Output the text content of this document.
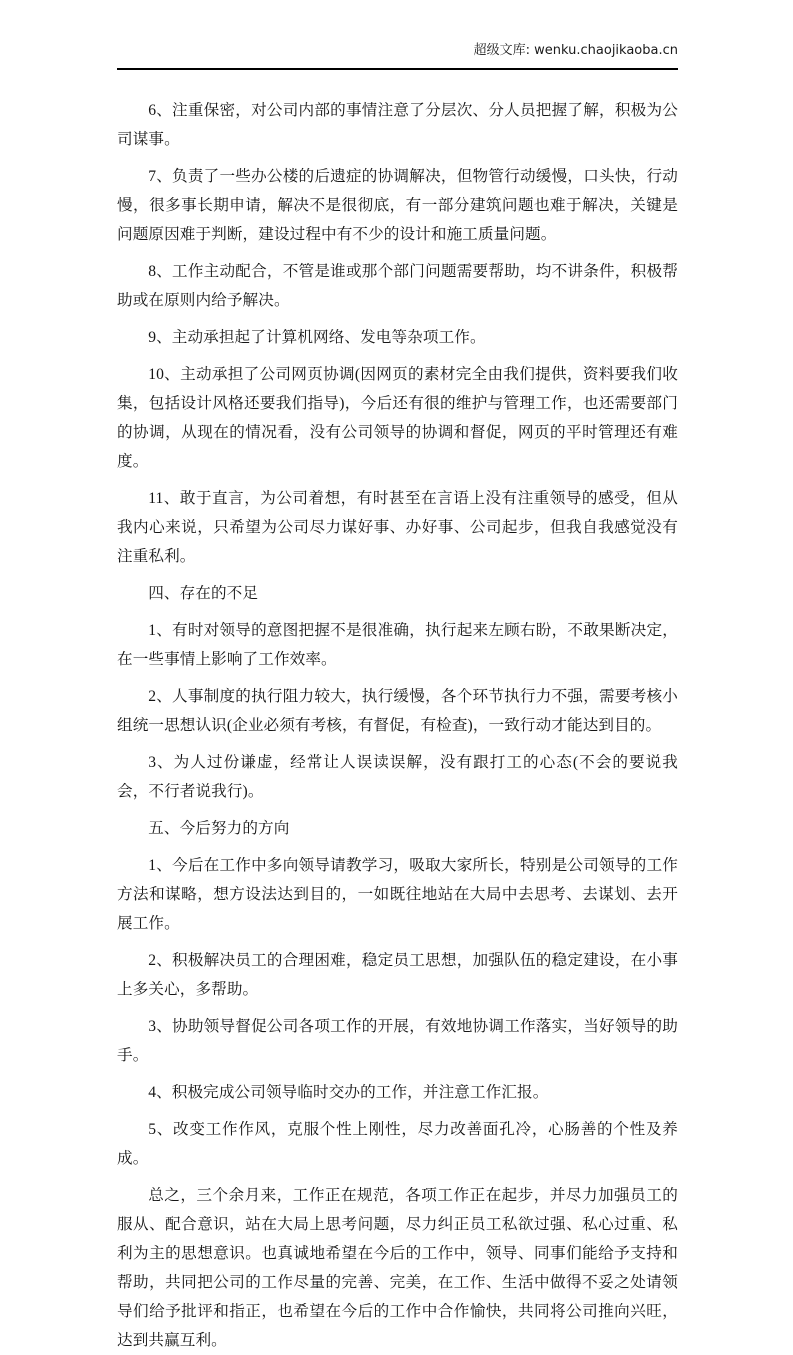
超级文库: wenku.chaojikaoba.cn

6、注重保密，对公司内部的事情注意了分层次、分人员把握了解，积极为公司谋事。

7、负责了一些办公楼的后遗症的协调解决，但物管行动缓慢，口头快，行动慢，很多事长期申请，解决不是很彻底，有一部分建筑问题也难于解决，关键是问题原因难于判断，建设过程中有不少的设计和施工质量问题。

8、工作主动配合，不管是谁或那个部门问题需要帮助，均不讲条件，积极帮助或在原则内给予解决。

9、主动承担起了计算机网络、发电等杂项工作。

10、主动承担了公司网页协调(因网页的素材完全由我们提供，资料要我们收集，包括设计风格还要我们指导)，今后还有很的维护与管理工作，也还需要部门的协调，从现在的情况看，没有公司领导的协调和督促，网页的平时管理还有难度。

11、敢于直言，为公司着想，有时甚至在言语上没有注重领导的感受，但从我内心来说，只希望为公司尽力谋好事、办好事、公司起步，但我自我感觉没有注重私利。

四、存在的不足

1、有时对领导的意图把握不是很准确，执行起来左顾右盼，不敢果断决定，在一些事情上影响了工作效率。

2、人事制度的执行阻力较大，执行缓慢，各个环节执行力不强，需要考核小组统一思想认识(企业必须有考核，有督促，有检查)，一致行动才能达到目的。

3、为人过份谦虚，经常让人误读误解，没有跟打工的心态(不会的要说我会，不行者说我行)。

五、今后努力的方向

1、今后在工作中多向领导请教学习，吸取大家所长，特别是公司领导的工作方法和谋略，想方设法达到目的，一如既往地站在大局中去思考、去谋划、去开展工作。

2、积极解决员工的合理困难，稳定员工思想，加强队伍的稳定建设，在小事上多关心，多帮助。

3、协助领导督促公司各项工作的开展，有效地协调工作落实，当好领导的助手。

4、积极完成公司领导临时交办的工作，并注意工作汇报。

5、改变工作作风，克服个性上刚性，尽力改善面孔冷，心肠善的个性及养成。

总之，三个余月来，工作正在规范，各项工作正在起步，并尽力加强员工的服从、配合意识，站在大局上思考问题，尽力纠正员工私欲过强、私心过重、私利为主的思想意识。也真诚地希望在今后的工作中，领导、同事们能给予支持和帮助，共同把公司的工作尽量的完善、完美，在工作、生活中做得不妥之处请领导们给予批评和指正，也希望在今后的工作中合作愉快，共同将公司推向兴旺，达到共赢互利。
